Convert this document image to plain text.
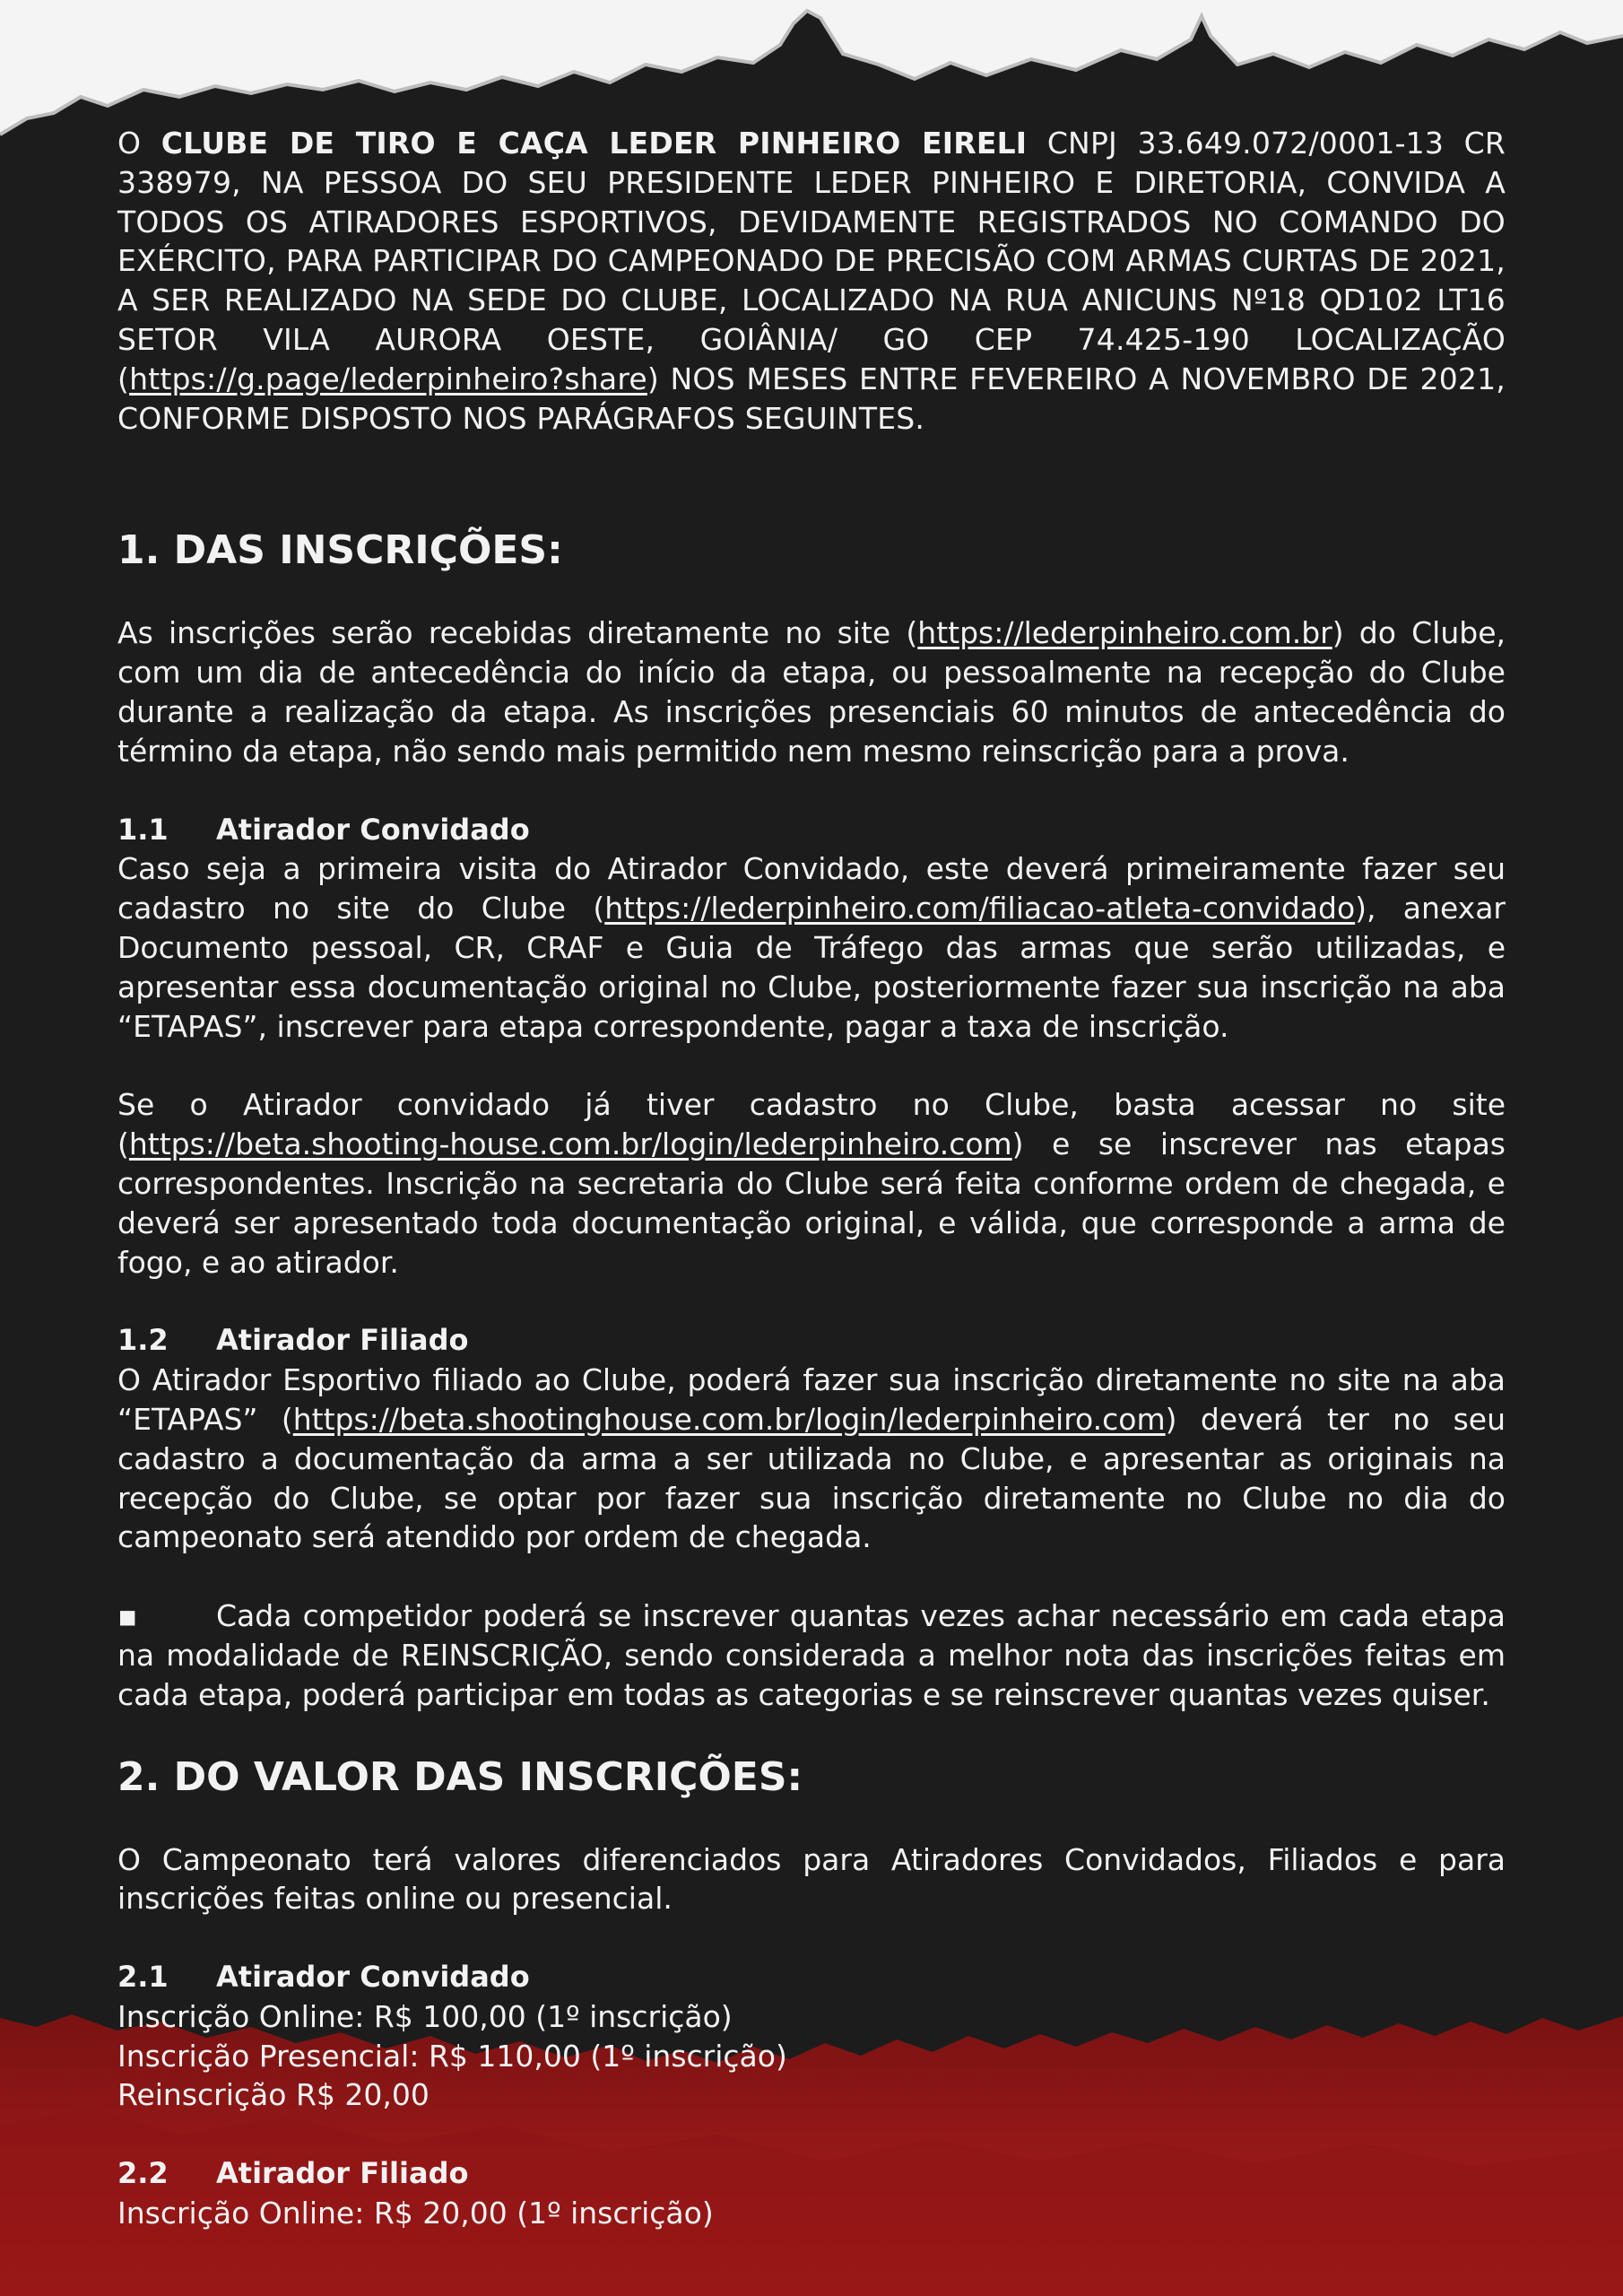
O CLUBE DE TIRO E CAÇA LEDER PINHEIRO EIRELI CNPJ 33.649.072/0001-13 CR 338979, NA PESSOA DO SEU PRESIDENTE LEDER PINHEIRO E DIRETORIA, CONVIDA A TODOS OS ATIRADORES ESPORTIVOS, DEVIDAMENTE REGISTRADOS NO COMANDO DO EXÉRCITO, PARA PARTICIPAR DO CAMPEONADO DE PRECISÃO COM ARMAS CURTAS DE 2021, A SER REALIZADO NA SEDE DO CLUBE, LOCALIZADO NA RUA ANICUNS Nº18 QD102 LT16 SETOR VILA AURORA OESTE, GOIÂNIA/ GO CEP 74.425-190 LOCALIZAÇÃO (https://g.page/lederpinheiro?share) NOS MESES ENTRE FEVEREIRO A NOVEMBRO DE 2021, CONFORME DISPOSTO NOS PARÁGRAFOS SEGUINTES.

1. DAS INSCRIÇÕES:

As inscrições serão recebidas diretamente no site (https://lederpinheiro.com.br) do Clube, com um dia de antecedência do início da etapa, ou pessoalmente na recepção do Clube durante a realização da etapa. As inscrições presenciais 60 minutos de antecedência do término da etapa, não sendo mais permitido nem mesmo reinscrição para a prova.

1.1 Atirador Convidado

Caso seja a primeira visita do Atirador Convidado, este deverá primeiramente fazer seu cadastro no site do Clube (https://lederpinheiro.com/filiacao-atleta-convidado), anexar Documento pessoal, CR, CRAF e Guia de Tráfego das armas que serão utilizadas, e apresentar essa documentação original no Clube, posteriormente fazer sua inscrição na aba “ETAPAS”, inscrever para etapa correspondente, pagar a taxa de inscrição.

Se o Atirador convidado já tiver cadastro no Clube, basta acessar no site (https://beta.shooting-house.com.br/login/lederpinheiro.com) e se inscrever nas etapas correspondentes. Inscrição na secretaria do Clube será feita conforme ordem de chegada, e deverá ser apresentado toda documentação original, e válida, que corresponde a arma de fogo, e ao atirador.

1.2 Atirador Filiado

O Atirador Esportivo filiado ao Clube, poderá fazer sua inscrição diretamente no site na aba “ETAPAS” (https://beta.shootinghouse.com.br/login/lederpinheiro.com) deverá ter no seu cadastro a documentação da arma a ser utilizada no Clube, e apresentar as originais na recepção do Clube, se optar por fazer sua inscrição diretamente no Clube no dia do campeonato será atendido por ordem de chegada.

▪	Cada competidor poderá se inscrever quantas vezes achar necessário em cada etapa na modalidade de REINSCRIÇÃO, sendo considerada a melhor nota das inscrições feitas em cada etapa, poderá participar em todas as categorias e se reinscrever quantas vezes quiser.

2. DO VALOR DAS INSCRIÇÕES:

O Campeonato terá valores diferenciados para Atiradores Convidados, Filiados e para inscrições feitas online ou presencial.

2.1 Atirador Convidado
Inscrição Online: R$ 100,00 (1º inscrição)
Inscrição Presencial: R$ 110,00 (1º inscrição)
Reinscrição R$ 20,00
2.2 Atirador Filiado
Inscrição Online: R$ 20,00 (1º inscrição)
